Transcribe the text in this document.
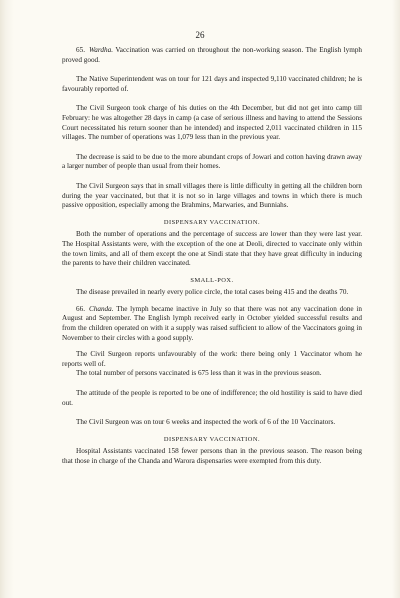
26

65. Wardha. Vaccination was carried on throughout the non-working season. The English lymph proved good.

The Native Superintendent was on tour for 121 days and inspected 9,110 vaccinated children; he is favourably reported of.

The Civil Surgeon took charge of his duties on the 4th December, but did not get into camp till February: he was altogether 28 days in camp (a case of serious illness and having to attend the Sessions Court necessitated his return sooner than he intended) and inspected 2,011 vaccinated children in 115 villages. The number of operations was 1,079 less than in the previous year.

The decrease is said to be due to the more abundant crops of Jowari and cotton having drawn away a larger number of people than usual from their homes.

The Civil Surgeon says that in small villages there is little difficulty in getting all the children born during the year vaccinated, but that it is not so in large villages and towns in which there is much passive opposition, especially among the Brahmins, Marwaries, and Bunniahs.

DISPENSARY VACCINATION.

Both the number of operations and the percentage of success are lower than they were last year. The Hospital Assistants were, with the exception of the one at Deoli, directed to vaccinate only within the town limits, and all of them except the one at Sindi state that they have great difficulty in inducing the parents to have their children vaccinated.

SMALL-POX.

The disease prevailed in nearly every police circle, the total cases being 415 and the deaths 70.

66. Chanda. The lymph became inactive in July so that there was not any vaccination done in August and September. The English lymph received early in October yielded successful results and from the children operated on with it a supply was raised sufficient to allow of the Vaccinators going in November to their circles with a good supply.

The Civil Surgeon reports unfavourably of the work: there being only 1 Vaccinator whom he reports well of.

The total number of persons vaccinated is 675 less than it was in the previous season.

The attitude of the people is reported to be one of indifference; the old hostility is said to have died out.

The Civil Surgeon was on tour 6 weeks and inspected the work of 6 of the 10 Vaccinators.

DISPENSARY VACCINATION.

Hospital Assistants vaccinated 158 fewer persons than in the previous season. The reason being that those in charge of the Chanda and Warora dispensaries were exempted from this duty.
